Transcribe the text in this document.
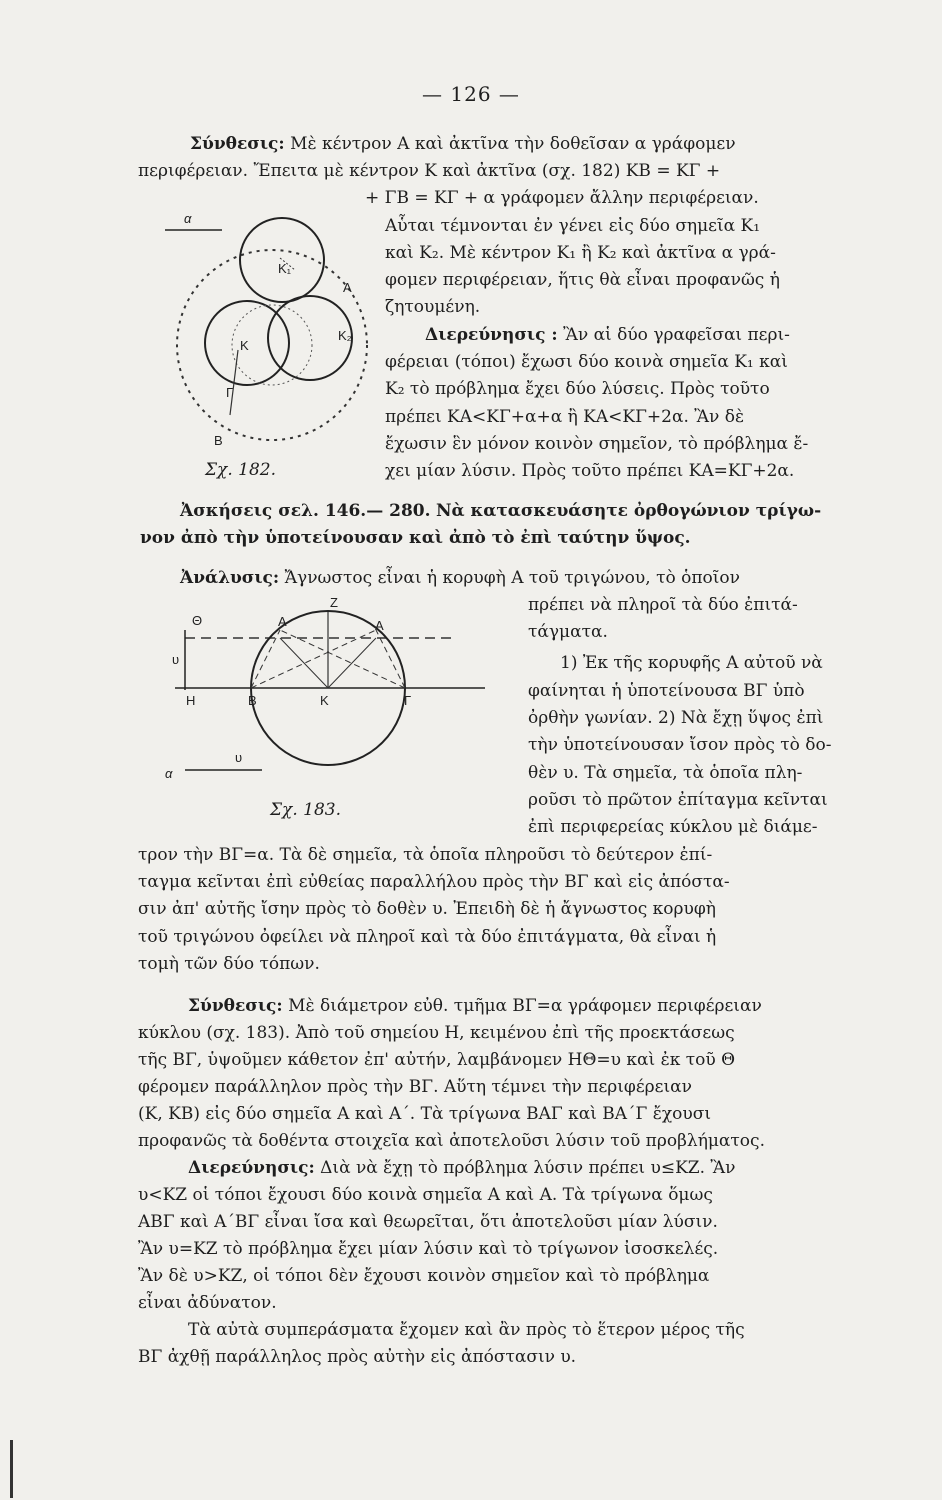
— 126 —
Σύνθεσις: Μὲ κέντρον Α καὶ ἀκτῖνα τὴν δοθεῖσαν α γράφομεν
περιφέρειαν. Ἔπειτα μὲ κέντρον Κ καὶ ἀκτῖνα (σχ. 182) ΚΒ = ΚΓ +
+ ΓΒ = ΚΓ + α γράφομεν ἄλλην περιφέρειαν.
Αὗται τέμνονται ἐν γένει εἰς δύο σημεῖα Κ₁
καὶ Κ₂. Μὲ κέντρον Κ₁ ἢ Κ₂ καὶ ἀκτῖνα α γρά-
φομεν περιφέρειαν, ἥτις θὰ εἶναι προφανῶς ἡ
ζητουμένη.
Διερεύνησις : Ἂν αἱ δύο γραφεῖσαι περι-
φέρειαι (τόποι) ἔχωσι δύο κοινὰ σημεῖα Κ₁ καὶ
Κ₂ τὸ πρόβλημα ἔχει δύο λύσεις. Πρὸς τοῦτο
πρέπει ΚΑ<ΚΓ+α+α ἢ ΚΑ<ΚΓ+2α. Ἂν δὲ
ἔχωσιν ἓν μόνον κοινὸν σημεῖον, τὸ πρόβλημα ἔ-
χει μίαν λύσιν. Πρὸς τοῦτο πρέπει ΚΑ=ΚΓ+2α.
α
Κ₁
Α
Κ
Κ₂
Γ
Β
Σχ. 182.
Ἀσκήσεις σελ. 146.— 280. Νὰ κατασκευάσητε ὀρθογώνιον τρίγω-
νον ἀπὸ τὴν ὑποτείνουσαν καὶ ἀπὸ τὸ ἐπὶ ταύτην ὕψος.
Ἀνάλυσις: Ἄγνωστος εἶναι ἡ κορυφὴ Α τοῦ τριγώνου, τὸ ὁποῖον
πρέπει νὰ πληροῖ τὰ δύο ἐπιτά-
τάγματα.
1) Ἐκ τῆς κορυφῆς Α αὐτοῦ νὰ
φαίνηται ἡ ὑποτείνουσα ΒΓ ὑπὸ
ὀρθὴν γωνίαν. 2) Νὰ ἔχῃ ὕψος ἐπὶ
τὴν ὑποτείνουσαν ἴσον πρὸς τὸ δο-
θὲν υ. Τὰ σημεῖα, τὰ ὁποῖα πλη-
ροῦσι τὸ πρῶτον ἐπίταγμα κεῖνται
ἐπὶ περιφερείας κύκλου μὲ διάμε-
τρον τὴν ΒΓ=α. Τὰ δὲ σημεῖα, τὰ ὁποῖα πληροῦσι τὸ δεύτερον ἐπί-
ταγμα κεῖνται ἐπὶ εὐθείας παραλλήλου πρὸς τὴν ΒΓ καὶ εἰς ἀπόστα-
σιν ἀπ' αὐτῆς ἴσην πρὸς τὸ δοθὲν υ. Ἐπειδὴ δὲ ἡ ἄγνωστος κορυφὴ
τοῦ τριγώνου ὀφείλει νὰ πληροῖ καὶ τὰ δύο ἐπιτάγματα, θὰ εἶναι ἡ
τομὴ τῶν δύο τόπων.
Θ
Ζ
Α	Α
υ
Η	Β	Κ	Γ
α
υ
Σχ. 183.
Σύνθεσις: Μὲ διάμετρον εὐθ. τμῆμα ΒΓ=α γράφομεν περιφέρειαν
κύκλου (σχ. 183). Ἀπὸ τοῦ σημείου Η, κειμένου ἐπὶ τῆς προεκτάσεως
τῆς ΒΓ, ὑψοῦμεν κάθετον ἐπ' αὐτήν, λαμβάνομεν ΗΘ=υ καὶ ἐκ τοῦ Θ
φέρομεν παράλληλον πρὸς τὴν ΒΓ. Αὕτη τέμνει τὴν περιφέρειαν
(Κ, ΚΒ) εἰς δύο σημεῖα Α καὶ Α΄. Τὰ τρίγωνα ΒΑΓ καὶ ΒΑ΄Γ ἔχουσι
προφανῶς τὰ δοθέντα στοιχεῖα καὶ ἀποτελοῦσι λύσιν τοῦ προβλήματος.
Διερεύνησις: Διὰ νὰ ἔχῃ τὸ πρόβλημα λύσιν πρέπει υ≤ΚΖ. Ἂν
υ<ΚΖ οἱ τόποι ἔχουσι δύο κοινὰ σημεῖα Α καὶ Α. Τὰ τρίγωνα ὅμως
ΑΒΓ καὶ Α΄ΒΓ εἶναι ἴσα καὶ θεωρεῖται, ὅτι ἀποτελοῦσι μίαν λύσιν.
Ἂν υ=ΚΖ τὸ πρόβλημα ἔχει μίαν λύσιν καὶ τὸ τρίγωνον ἰσοσκελές.
Ἂν δὲ υ>ΚΖ, οἱ τόποι δὲν ἔχουσι κοινὸν σημεῖον καὶ τὸ πρόβλημα
εἶναι ἀδύνατον.
Τὰ αὐτὰ συμπεράσματα ἔχομεν καὶ ἂν πρὸς τὸ ἕτερον μέρος τῆς
ΒΓ ἀχθῇ παράλληλος πρὸς αὐτὴν εἰς ἀπόστασιν υ.
